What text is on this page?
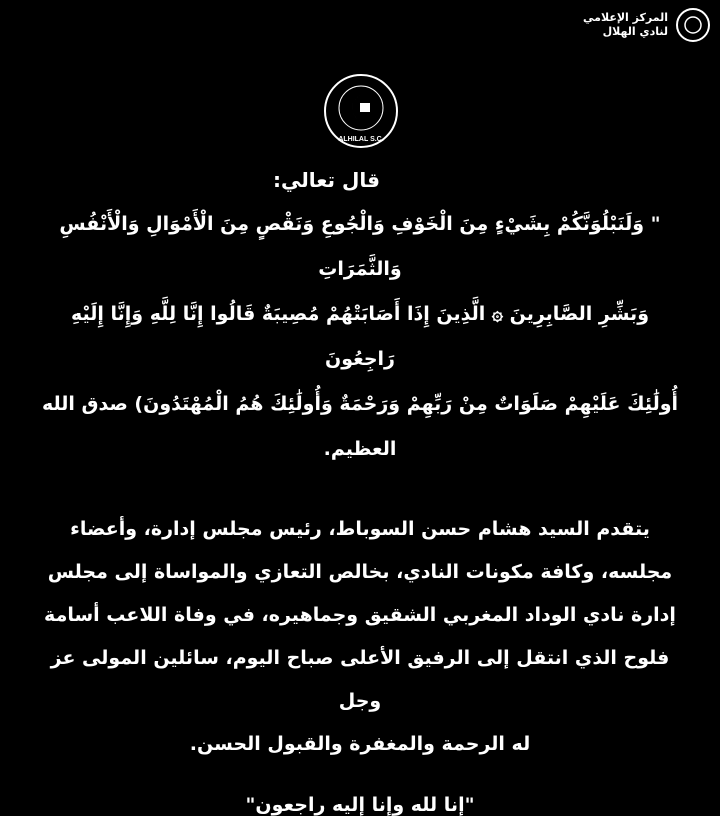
المركز الإعلامي
لنادي الهلال
ALHILAL S.C.

قال تعالي:

" وَلَنَبْلُوَنَّكُمْ بِشَيْءٍ مِنَ الْخَوْفِ وَالْجُوعِ وَنَقْصٍ مِنَ الْأَمْوَالِ وَالْأَنْفُسِ وَالثَّمَرَاتِ
وَبَشِّرِ الصَّابِرِينَ ۞ الَّذِينَ إِذَا أَصَابَتْهُمْ مُصِيبَةٌ قَالُوا إِنَّا لِلَّهِ وَإِنَّا إِلَيْهِ رَاجِعُونَ
أُولَٰئِكَ عَلَيْهِمْ صَلَوَاتٌ مِنْ رَبِّهِمْ وَرَحْمَةٌ وَأُولَٰئِكَ هُمُ الْمُهْتَدُونَ) صدق الله
العظيم.

يتقدم السيد هشام حسن السوباط، رئيس مجلس إدارة، وأعضاء
مجلسه، وكافة مكونات النادي، بخالص التعازي والمواساة إلى مجلس
إدارة نادي الوداد المغربي الشقيق وجماهيره، في وفاة اللاعب أسامة
فلوح الذي انتقل إلى الرفيق الأعلى صباح اليوم، سائلين المولى عز وجل
له الرحمة والمغفرة والقبول الحسن.

"إنا لله وإنا إليه راجعون"
